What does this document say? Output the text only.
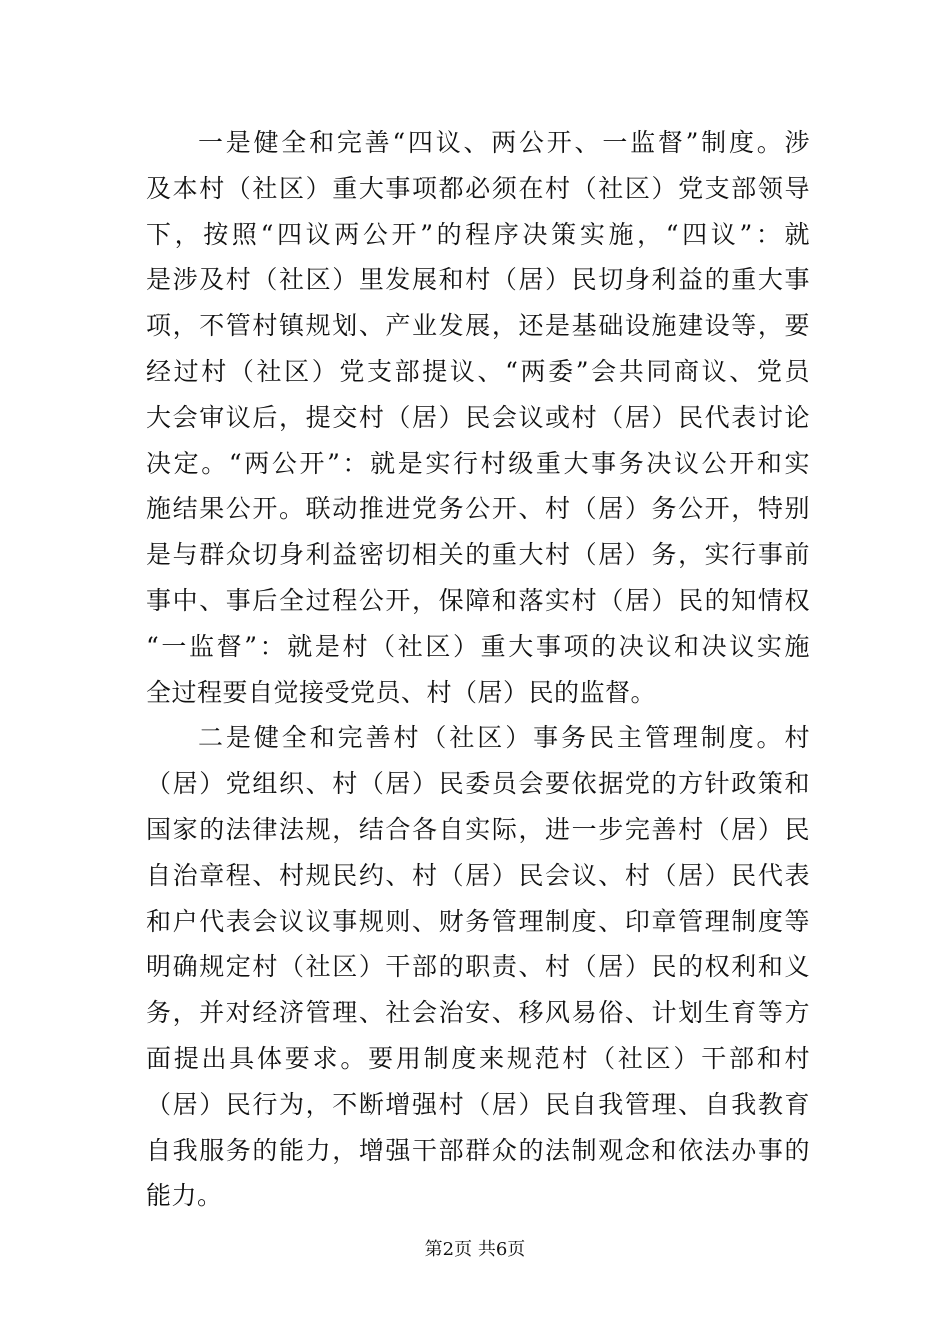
一是健全和完善“四议、两公开、一监督”制度。涉
及本村（社区）重大事项都必须在村（社区）党支部领导
下，按照“四议两公开”的程序决策实施，“四议”：就
是涉及村（社区）里发展和村（居）民切身利益的重大事
项，不管村镇规划、产业发展，还是基础设施建设等，要
经过村（社区）党支部提议、“两委”会共同商议、党员
大会审议后，提交村（居）民会议或村（居）民代表讨论
决定。“两公开”：就是实行村级重大事务决议公开和实
施结果公开。联动推进党务公开、村（居）务公开，特别
是与群众切身利益密切相关的重大村（居）务，实行事前
事中、事后全过程公开，保障和落实村（居）民的知情权
“一监督”：就是村（社区）重大事项的决议和决议实施
全过程要自觉接受党员、村（居）民的监督。
二是健全和完善村（社区）事务民主管理制度。村
（居）党组织、村（居）民委员会要依据党的方针政策和
国家的法律法规，结合各自实际，进一步完善村（居）民
自治章程、村规民约、村（居）民会议、村（居）民代表
和户代表会议议事规则、财务管理制度、印章管理制度等
明确规定村（社区）干部的职责、村（居）民的权利和义
务，并对经济管理、社会治安、移风易俗、计划生育等方
面提出具体要求。要用制度来规范村（社区）干部和村
（居）民行为，不断增强村（居）民自我管理、自我教育
自我服务的能力，增强干部群众的法制观念和依法办事的
能力。
第2页 共6页
